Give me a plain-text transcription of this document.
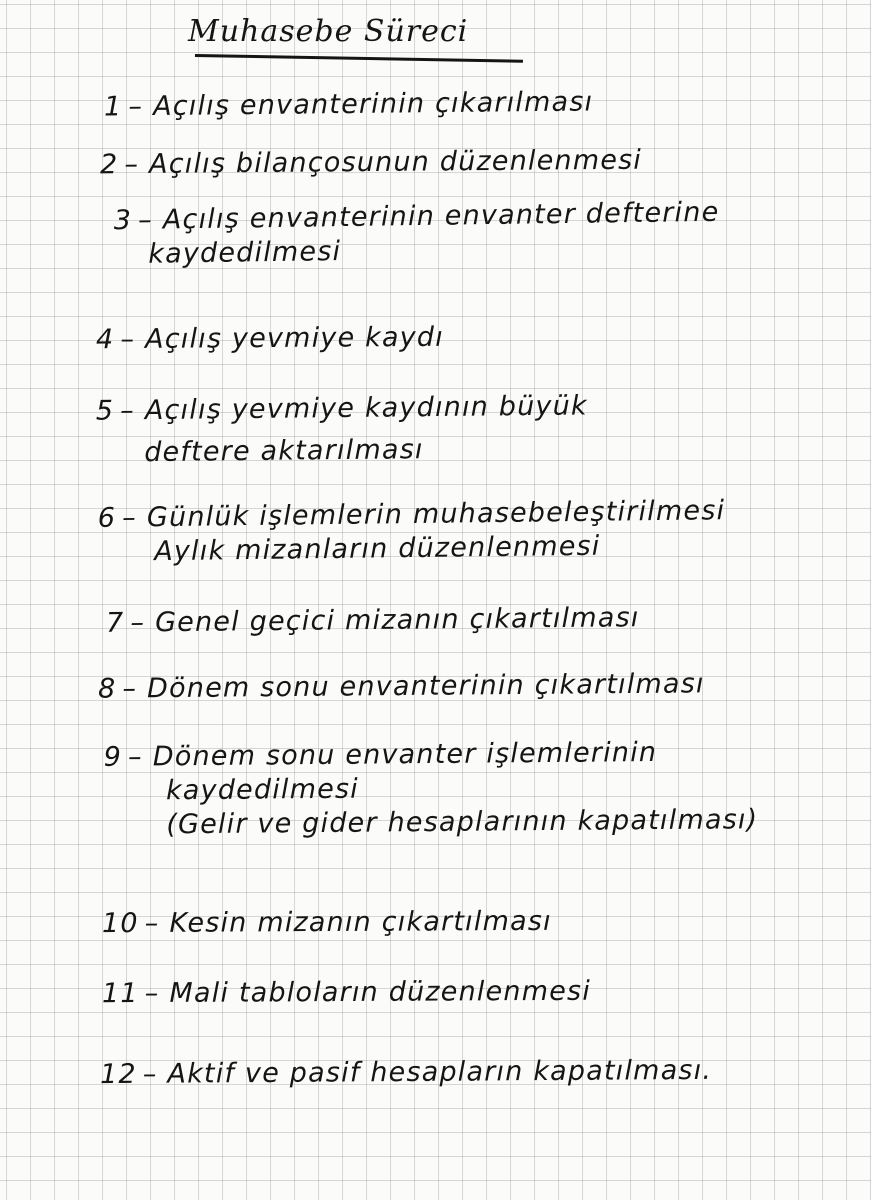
Muhasebe Süreci
1 – Açılış envanterinin çıkarılması
2 – Açılış bilançosunun düzenlenmesi
3 – Açılış envanterinin envanter defterine
kaydedilmesi
4 – Açılış yevmiye kaydı
5 – Açılış yevmiye kaydının büyük
deftere aktarılması
6 – Günlük işlemlerin muhasebeleştirilmesi
Aylık mizanların düzenlenmesi
7 – Genel geçici mizanın çıkartılması
8 – Dönem sonu envanterinin çıkartılması
9 – Dönem sonu envanter işlemlerinin
kaydedilmesi
(Gelir ve gider hesaplarının kapatılması)
10 – Kesin mizanın çıkartılması
11 – Mali tabloların düzenlenmesi
12 – Aktif ve pasif hesapların kapatılması.
